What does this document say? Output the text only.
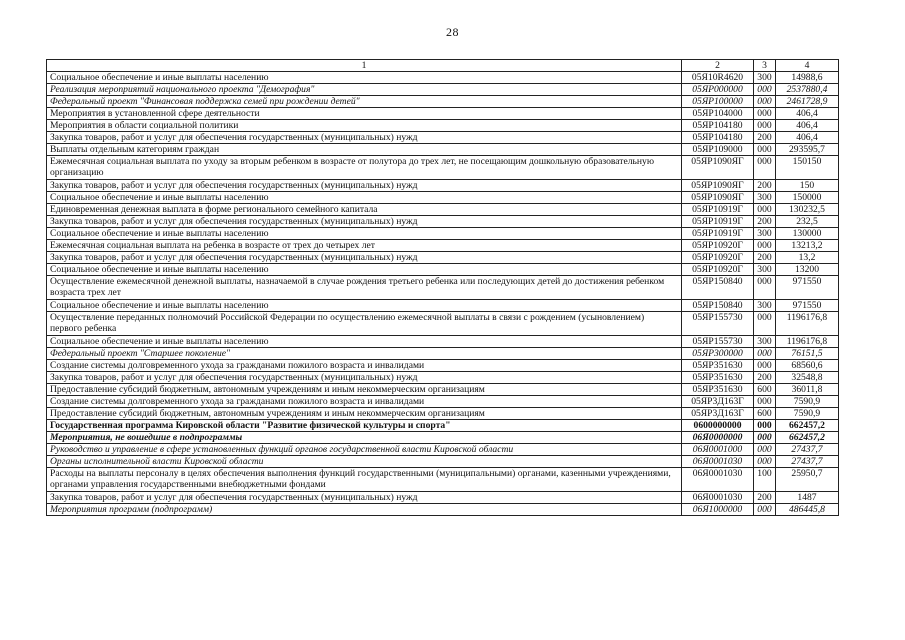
28
1	2	3	4
Социальное обеспечение и иные выплаты населению	05Я10R4620	300	14988,6
Реализация мероприятий национального проекта "Демография"	05ЯР000000	000	2537880,4
Федеральный проект "Финансовая поддержка семей при рождении детей"	05ЯР100000	000	2461728,9
Мероприятия в установленной сфере деятельности	05ЯР104000	000	406,4
Мероприятия в области социальной политики	05ЯР104180	000	406,4
Закупка товаров, работ и услуг для обеспечения государственных (муниципальных) нужд	05ЯР104180	200	406,4
Выплаты отдельным категориям граждан	05ЯР109000	000	293595,7
Ежемесячная социальная выплата по уходу за вторым ребенком в возрасте от полутора до трех лет, не посещающим дошкольную образовательную организацию	05ЯР1090ЯГ	000	150150
Закупка товаров, работ и услуг для обеспечения государственных (муниципальных) нужд	05ЯР1090ЯГ	200	150
Социальное обеспечение и иные выплаты населению	05ЯР1090ЯГ	300	150000
Единовременная денежная выплата в форме регионального семейного капитала	05ЯР10919Г	000	130232,5
Закупка товаров, работ и услуг для обеспечения государственных (муниципальных) нужд	05ЯР10919Г	200	232,5
Социальное обеспечение и иные выплаты населению	05ЯР10919Г	300	130000
Ежемесячная социальная выплата на ребенка в возрасте от трех до четырех лет	05ЯР10920Г	000	13213,2
Закупка товаров, работ и услуг для обеспечения государственных (муниципальных) нужд	05ЯР10920Г	200	13,2
Социальное обеспечение и иные выплаты населению	05ЯР10920Г	300	13200
Осуществление ежемесячной денежной выплаты, назначаемой в случае рождения третьего ребенка или последующих детей до достижения ребенком возраста трех лет	05ЯР150840	000	971550
Социальное обеспечение и иные выплаты населению	05ЯР150840	300	971550
Осуществление переданных полномочий Российской Федерации по осуществлению ежемесячной выплаты в связи с рождением (усыновлением) первого ребенка	05ЯР155730	000	1196176,8
Социальное обеспечение и иные выплаты населению	05ЯР155730	300	1196176,8
Федеральный проект "Старшее поколение"	05ЯР300000	000	76151,5
Создание системы долговременного ухода за гражданами пожилого возраста и инвалидами	05ЯР351630	000	68560,6
Закупка товаров, работ и услуг для обеспечения государственных (муниципальных) нужд	05ЯР351630	200	32548,8
Предоставление субсидий бюджетным, автономным учреждениям и иным некоммерческим организациям	05ЯР351630	600	36011,8
Создание системы долговременного ухода за гражданами пожилого возраста и инвалидами	05ЯР3Д163Г	000	7590,9
Предоставление субсидий бюджетным, автономным учреждениям и иным некоммерческим организациям	05ЯР3Д163Г	600	7590,9
Государственная программа Кировской области "Развитие физической культуры и спорта"	0600000000	000	662457,2
Мероприятия, не вошедшие в подпрограммы	06Я0000000	000	662457,2
Руководство и управление в сфере установленных функций органов государственной власти Кировской области	06Я0001000	000	27437,7
Органы исполнительной власти Кировской области	06Я0001030	000	27437,7
Расходы на выплаты персоналу в целях обеспечения выполнения функций государственными (муниципальными) органами, казенными учреждениями, органами управления государственными внебюджетными фондами	06Я0001030	100	25950,7
Закупка товаров, работ и услуг для обеспечения государственных (муниципальных) нужд	06Я0001030	200	1487
Мероприятия программ (подпрограмм)	06Я1000000	000	486445,8
